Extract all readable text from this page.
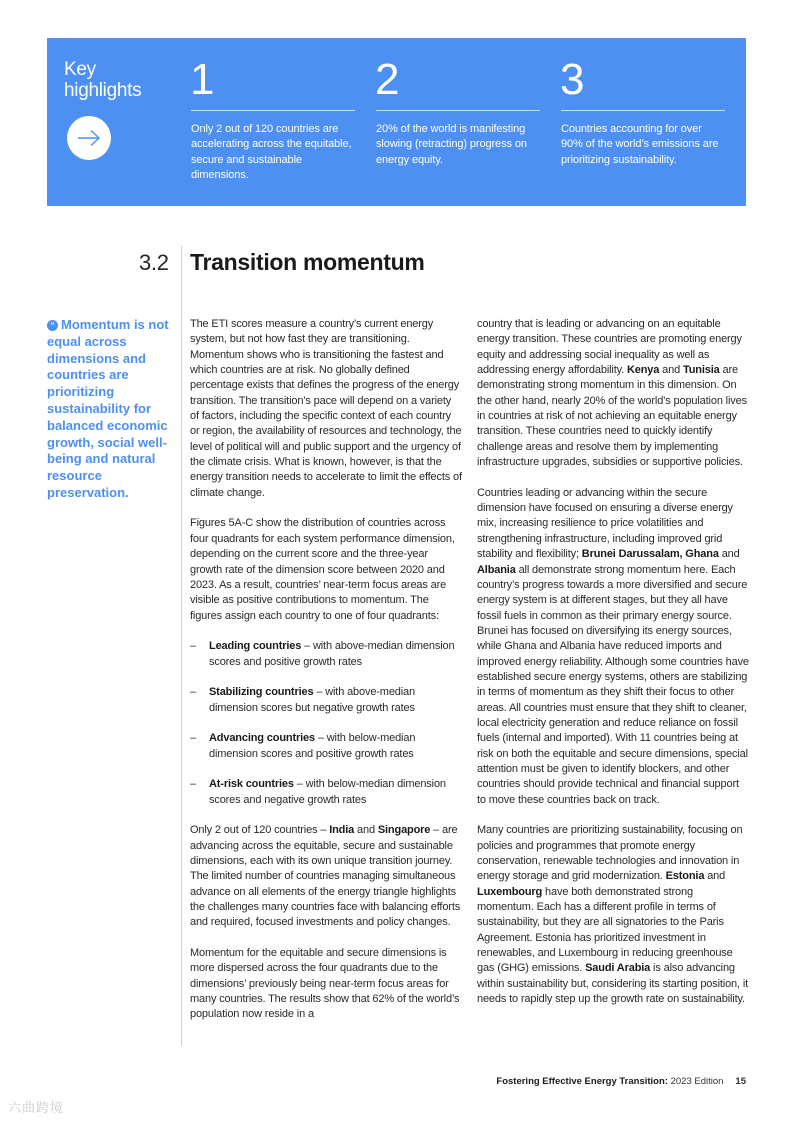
Key
highlights 1
Only 2 out of 120 countries are accelerating across the equitable, secure and sustainable dimensions.
2
20% of the world is manifesting slowing (retracting) progress on energy equity.
3
Countries accounting for over 90% of the world’s emissions are prioritizing sustainability.
3.2 Transition momentum

“ Momentum is not equal across dimensions and countries are prioritizing sustainability for balanced economic growth, social well-being and natural resource preservation.

The ETI scores measure a country’s current energy system, but not how fast they are transitioning. Momentum shows who is transitioning the fastest and which countries are at risk. No globally defined percentage exists that defines the progress of the energy transition. The transition’s pace will depend on a variety of factors, including the specific context of each country or region, the availability of resources and technology, the level of political will and public support and the urgency of the climate crisis. What is known, however, is that the energy transition needs to accelerate to limit the effects of climate change.

Figures 5A-C show the distribution of countries across four quadrants for each system performance dimension, depending on the current score and the three-year growth rate of the dimension score between 2020 and 2023. As a result, countries’ near-term focus areas are visible as positive contributions to momentum. The figures assign each country to one of four quadrants:

– Leading countries – with above-median dimension scores and positive growth rates
– Stabilizing countries – with above-median dimension scores but negative growth rates
– Advancing countries – with below-median dimension scores and positive growth rates
– At-risk countries – with below-median dimension scores and negative growth rates

Only 2 out of 120 countries – India and Singapore – are advancing across the equitable, secure and sustainable dimensions, each with its own unique transition journey. The limited number of countries managing simultaneous advance on all elements of the energy triangle highlights the challenges many countries face with balancing efforts and required, focused investments and policy changes.

Momentum for the equitable and secure dimensions is more dispersed across the four quadrants due to the dimensions’ previously being near-term focus areas for many countries. The results show that 62% of the world’s population now reside in a

country that is leading or advancing on an equitable energy transition. These countries are promoting energy equity and addressing social inequality as well as addressing energy affordability. Kenya and Tunisia are demonstrating strong momentum in this dimension. On the other hand, nearly 20% of the world’s population lives in countries at risk of not achieving an equitable energy transition. These countries need to quickly identify challenge areas and resolve them by implementing infrastructure upgrades, subsidies or supportive policies.

Countries leading or advancing within the secure dimension have focused on ensuring a diverse energy mix, increasing resilience to price volatilities and strengthening infrastructure, including improved grid stability and flexibility; Brunei Darussalam, Ghana and Albania all demonstrate strong momentum here. Each country’s progress towards a more diversified and secure energy system is at different stages, but they all have fossil fuels in common as their primary energy source. Brunei has focused on diversifying its energy sources, while Ghana and Albania have reduced imports and improved energy reliability. Although some countries have established secure energy systems, others are stabilizing in terms of momentum as they shift their focus to other areas. All countries must ensure that they shift to cleaner, local electricity generation and reduce reliance on fossil fuels (internal and imported). With 11 countries being at risk on both the equitable and secure dimensions, special attention must be given to identify blockers, and other countries should provide technical and financial support to move these countries back on track.

Many countries are prioritizing sustainability, focusing on policies and programmes that promote energy conservation, renewable technologies and innovation in energy storage and grid modernization. Estonia and Luxembourg have both demonstrated strong momentum. Each has a different profile in terms of sustainability, but they are all signatories to the Paris Agreement. Estonia has prioritized investment in renewables, and Luxembourg in reducing greenhouse gas (GHG) emissions. Saudi Arabia is also advancing within sustainability but, considering its starting position, it needs to rapidly step up the growth rate on sustainability.

Fostering Effective Energy Transition: 2023 Edition 15
六曲跨境
